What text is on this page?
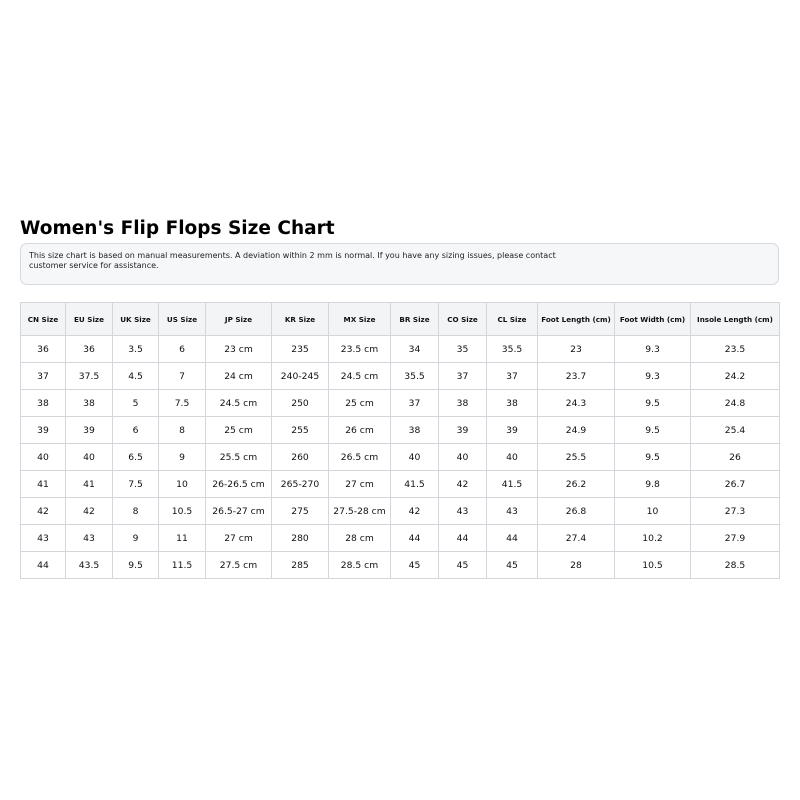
Women's Flip Flops Size Chart
This size chart is based on manual measurements. A deviation within 2 mm is normal. If you have any sizing issues, please contact customer service for assistance.
CN Size	EU Size	UK Size	US Size	JP Size	KR Size	MX Size	BR Size	CO Size	CL Size	Foot Length (cm)	Foot Width (cm)	Insole Length (cm)
36	36	3.5	6	23 cm	235	23.5 cm	34	35	35.5	23	9.3	23.5
37	37.5	4.5	7	24 cm	240-245	24.5 cm	35.5	37	37	23.7	9.3	24.2
38	38	5	7.5	24.5 cm	250	25 cm	37	38	38	24.3	9.5	24.8
39	39	6	8	25 cm	255	26 cm	38	39	39	24.9	9.5	25.4
40	40	6.5	9	25.5 cm	260	26.5 cm	40	40	40	25.5	9.5	26
41	41	7.5	10	26-26.5 cm	265-270	27 cm	41.5	42	41.5	26.2	9.8	26.7
42	42	8	10.5	26.5-27 cm	275	27.5-28 cm	42	43	43	26.8	10	27.3
43	43	9	11	27 cm	280	28 cm	44	44	44	27.4	10.2	27.9
44	43.5	9.5	11.5	27.5 cm	285	28.5 cm	45	45	45	28	10.5	28.5
